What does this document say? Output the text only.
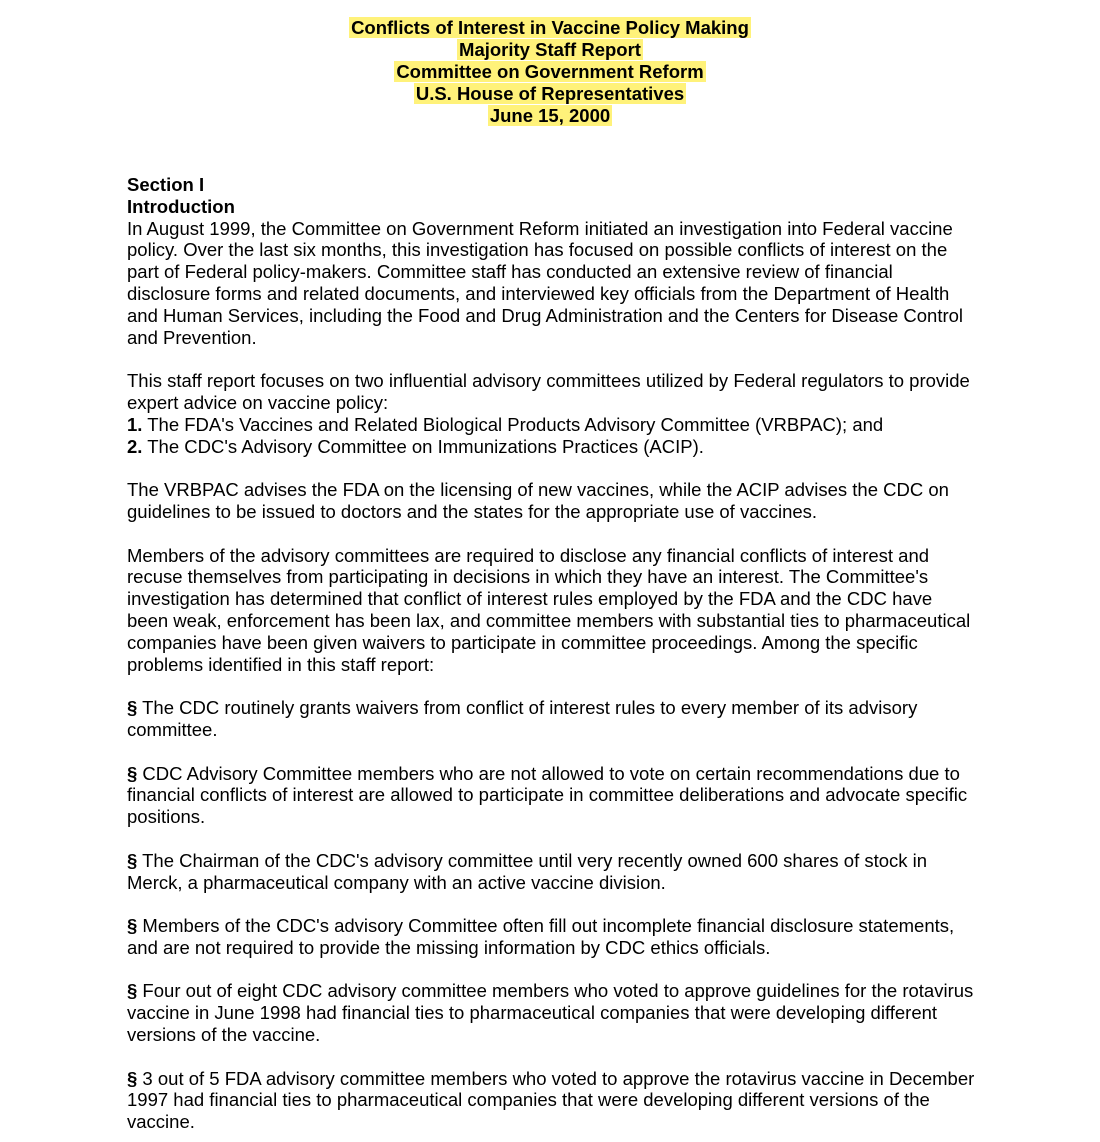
Conflicts of Interest in Vaccine Policy Making
Majority Staff Report
Committee on Government Reform
U.S. House of Representatives
June 15, 2000
Section I
Introduction

In August 1999, the Committee on Government Reform initiated an investigation into Federal vaccine policy. Over the last six months, this investigation has focused on possible conflicts of interest on the part of Federal policy-makers. Committee staff has conducted an extensive review of financial disclosure forms and related documents, and interviewed key officials from the Department of Health and Human Services, including the Food and Drug Administration and the Centers for Disease Control and Prevention.

This staff report focuses on two influential advisory committees utilized by Federal regulators to provide expert advice on vaccine policy:

1. The FDA's Vaccines and Related Biological Products Advisory Committee (VRBPAC); and
2. The CDC's Advisory Committee on Immunizations Practices (ACIP).

The VRBPAC advises the FDA on the licensing of new vaccines, while the ACIP advises the CDC on guidelines to be issued to doctors and the states for the appropriate use of vaccines.

Members of the advisory committees are required to disclose any financial conflicts of interest and recuse themselves from participating in decisions in which they have an interest. The Committee's investigation has determined that conflict of interest rules employed by the FDA and the CDC have been weak, enforcement has been lax, and committee members with substantial ties to pharmaceutical companies have been given waivers to participate in committee proceedings. Among the specific problems identified in this staff report:

§ The CDC routinely grants waivers from conflict of interest rules to every member of its advisory committee.

§ CDC Advisory Committee members who are not allowed to vote on certain recommendations due to financial conflicts of interest are allowed to participate in committee deliberations and advocate specific positions.

§ The Chairman of the CDC's advisory committee until very recently owned 600 shares of stock in Merck, a pharmaceutical company with an active vaccine division.

§ Members of the CDC's advisory Committee often fill out incomplete financial disclosure statements, and are not required to provide the missing information by CDC ethics officials.

§ Four out of eight CDC advisory committee members who voted to approve guidelines for the rotavirus vaccine in June 1998 had financial ties to pharmaceutical companies that were developing different versions of the vaccine.

§ 3 out of 5 FDA advisory committee members who voted to approve the rotavirus vaccine in December 1997 had financial ties to pharmaceutical companies that were developing different versions of the vaccine.
